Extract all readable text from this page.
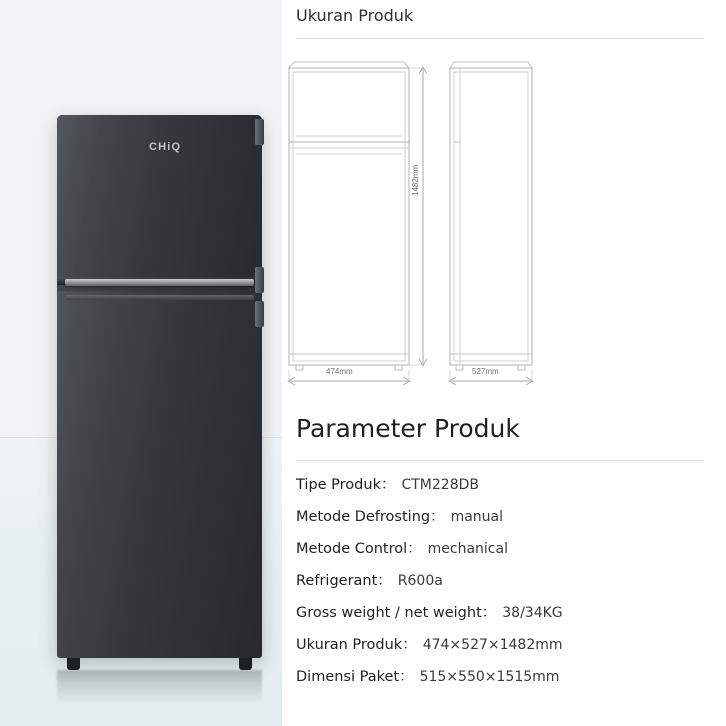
CHiQ
Ukuran Produk
1482mm
474mm	527mm
Parameter Produk
Tipe Produk： CTM228DB
Metode Defrosting： manual
Metode Control： mechanical
Refrigerant： R600a
Gross weight / net weight： 38/34KG
Ukuran Produk： 474×527×1482mm
Dimensi Paket： 515×550×1515mm
